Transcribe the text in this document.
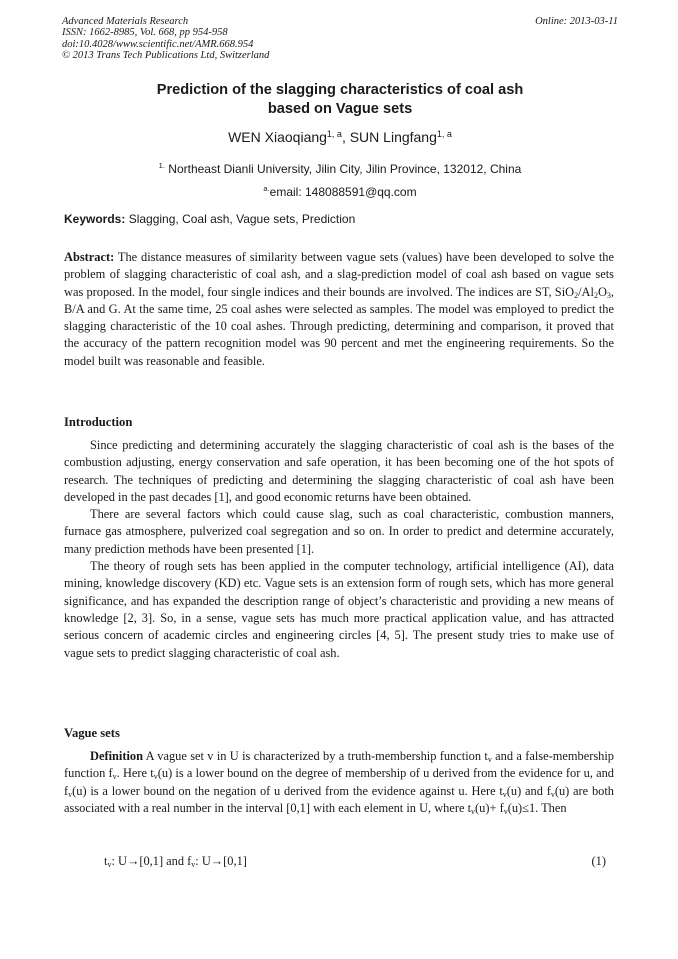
Advanced Materials Research
ISSN: 1662-8985, Vol. 668, pp 954-958
doi:10.4028/www.scientific.net/AMR.668.954
© 2013 Trans Tech Publications Ltd, Switzerland
Online: 2013-03-11
Prediction of the slagging characteristics of coal ash
based on Vague sets
WEN Xiaoqiang$^{1, a}$, SUN Lingfang$^{1, a}$
$^{1.}$ Northeast Dianli University, Jilin City, Jilin Province, 132012, China
$^{a.}$email: 148088591@qq.com
Keywords: Slagging, Coal ash, Vague sets, Prediction

Abstract: The distance measures of similarity between vague sets (values) have been developed to solve the problem of slagging characteristic of coal ash, and a slag-prediction model of coal ash based on vague sets was proposed. In the model, four single indices and their bounds are involved. The indices are ST, $SiO_2/Al_2O_3$, B/A and G. At the same time, 25 coal ashes were selected as samples. The model was employed to predict the slagging characteristic of the 10 coal ashes. Through predicting, determining and comparison, it proved that the accuracy of the pattern recognition model was 90 percent and met the engineering requirements. So the model built was reasonable and feasible.

Introduction

Since predicting and determining accurately the slagging characteristic of coal ash is the bases of the combustion adjusting, energy conservation and safe operation, it has been becoming one of the hot spots of research. The techniques of predicting and determining the slagging characteristic of coal ash have been developed in the past decades [1], and good economic returns have been obtained.

There are several factors which could cause slag, such as coal characteristic, combustion manners, furnace gas atmosphere, pulverized coal segregation and so on. In order to predict and determine accurately, many prediction methods have been presented [1].

The theory of rough sets has been applied in the computer technology, artificial intelligence (AI), data mining, knowledge discovery (KD) etc. Vague sets is an extension form of rough sets, which has more general significance, and has expanded the description range of object’s characteristic and providing a new means of knowledge [2, 3]. So, in a sense, vague sets has much more practical application value, and has attracted serious concern of academic circles and engineering circles [4, 5]. The present study tries to make use of vague sets to predict slagging characteristic of coal ash.

Vague sets

Definition A vague set v in U is characterized by a truth-membership function $t_v$ and a false-membership function $f_v$. Here $t_v(u)$ is a lower bound on the degree of membership of u derived from the evidence for u, and $f_v(u)$ is a lower bound on the negation of u derived from the evidence against u. Here $t_v(u)$ and $f_v(u)$ are both associated with a real number in the interval [0,1] with each element in U, where $t_v(u)+ f_v(u)\le 1$. Then

$t_v$: U→[0,1] and $f_v$: U→[0,1]	(1)
